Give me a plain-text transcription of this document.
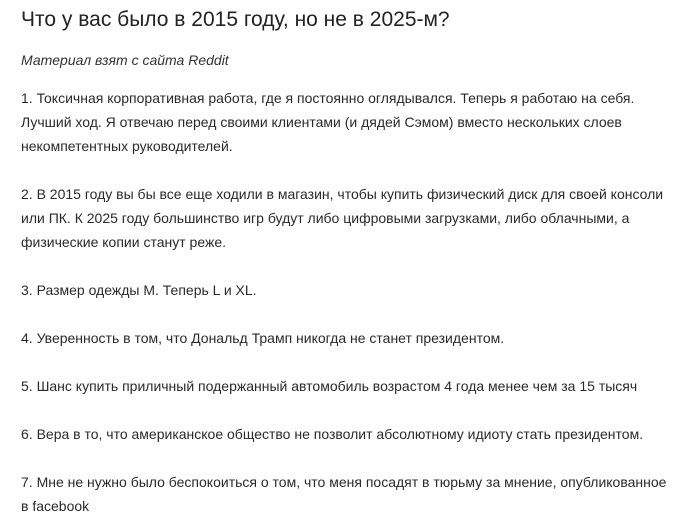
Что у вас было в 2015 году, но не в 2025-м?

Материал взят с сайта Reddit

1. Токсичная корпоративная работа, где я постоянно оглядывался. Теперь я работаю на себя. Лучший ход. Я отвечаю перед своими клиентами (и дядей Сэмом) вместо нескольких слоев некомпетентных руководителей.

2. В 2015 году вы бы все еще ходили в магазин, чтобы купить физический диск для своей консоли или ПК. К 2025 году большинство игр будут либо цифровыми загрузками, либо облачными, а физические копии станут реже.

3. Размер одежды M. Теперь L и XL.

4. Уверенность в том, что Дональд Трамп никогда не станет президентом.

5. Шанс купить приличный подержанный автомобиль возрастом 4 года менее чем за 15 тысяч

6. Вера в то, что американское общество не позволит абсолютному идиоту стать президентом.

7. Мне не нужно было беспокоиться о том, что меня посадят в тюрьму за мнение, опубликованное в facebook
